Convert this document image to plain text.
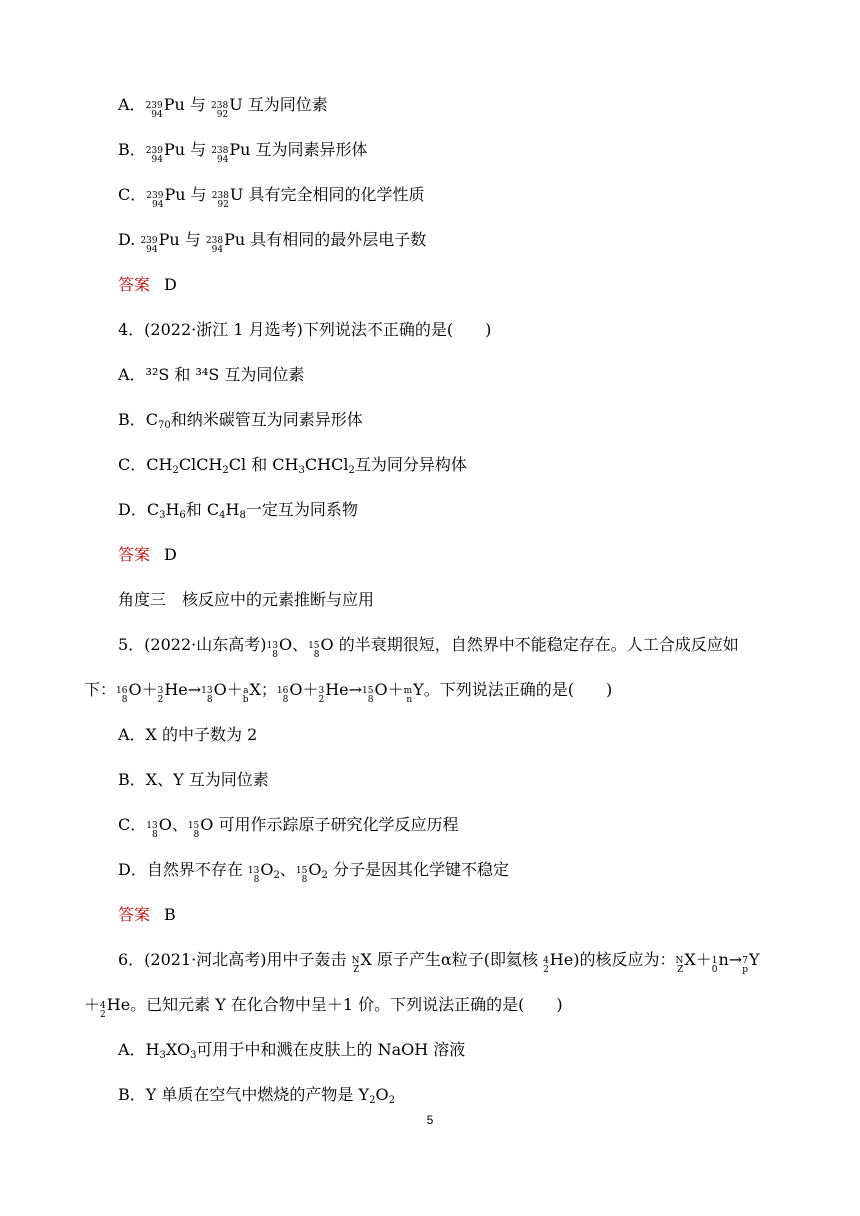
A． 239
94
Pu 与 238
92
U 互为同位素
B． 239
94
Pu 与 238
94
Pu 互为同素异形体
C． 239
94
Pu 与 238
92
U 具有完全相同的化学性质
D. 239
94
Pu 与 238
94
Pu 具有相同的最外层电子数
答案 D
4．(2022·浙江 1 月选考)下列说法不正确的是(　　)
A．³²S 和 ³⁴S 互为同位素
B．$C_{70}$和纳米碳管互为同素异形体
C．$CH_2ClCH_2Cl$ 和 $CH_3CHCl_2$互为同分异构体
D．$C_3H_6$和 $C_4H_8$一定互为同系物
答案 D
角度三　核反应中的元素推断与应用
5．(2022·山东高考) 13
8
O、 15
8
O 的半衰期很短，自然界中不能稳定存在。人工合成反应如
下： 16
8
O＋ 3
2
He→ 13
8
O＋ a
b
X； 16
8
O＋ 3
2
He→ 15
8
O＋ m
n
Y。下列说法正确的是(　　)
A．X 的中子数为 2
B．X、Y 互为同位素
C． 13
8
O、 15
8
O 可用作示踪原子研究化学反应历程
D．自然界不存在 13
8
$O_2$、 15
8
$O_2$ 分子是因其化学键不稳定
答案 B
6．(2021·河北高考)用中子轰击 N
Z
X 原子产生α粒子(即氦核 4
2
He)的核反应为： N
Z
X＋ 1
0
n→ 7
p
Y
＋ 4
2
He。已知元素 Y 在化合物中呈＋1 价。下列说法正确的是(　　)
A．$H_3XO_3$可用于中和溅在皮肤上的 NaOH 溶液
B．Y 单质在空气中燃烧的产物是 $Y_2O_2$
5
